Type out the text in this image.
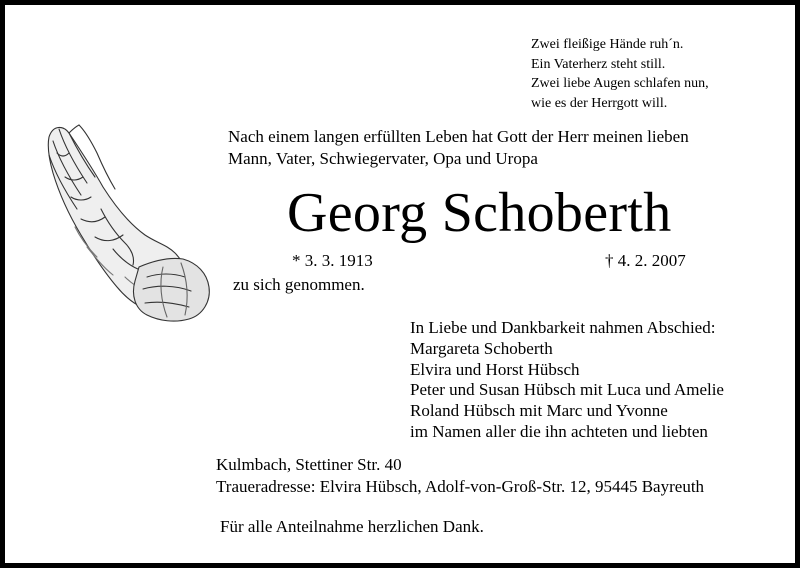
Zwei fleißige Hände ruh´n.
Ein Vaterherz steht still.
Zwei liebe Augen schlafen nun,
wie es der Herrgott will.
Nach einem langen erfüllten Leben hat Gott der Herr meinen lieben
Mann, Vater, Schwiegervater, Opa und Uropa
Georg Schoberth
* 3. 3. 1913	† 4. 2. 2007
zu sich genommen.
In Liebe und Dankbarkeit nahmen Abschied:
Margareta Schoberth
Elvira und Horst Hübsch
Peter und Susan Hübsch mit Luca und Amelie
Roland Hübsch mit Marc und Yvonne
im Namen aller die ihn achteten und liebten
Kulmbach, Stettiner Str. 40
Traueradresse: Elvira Hübsch, Adolf-von-Groß-Str. 12, 95445 Bayreuth
Für alle Anteilnahme herzlichen Dank.
